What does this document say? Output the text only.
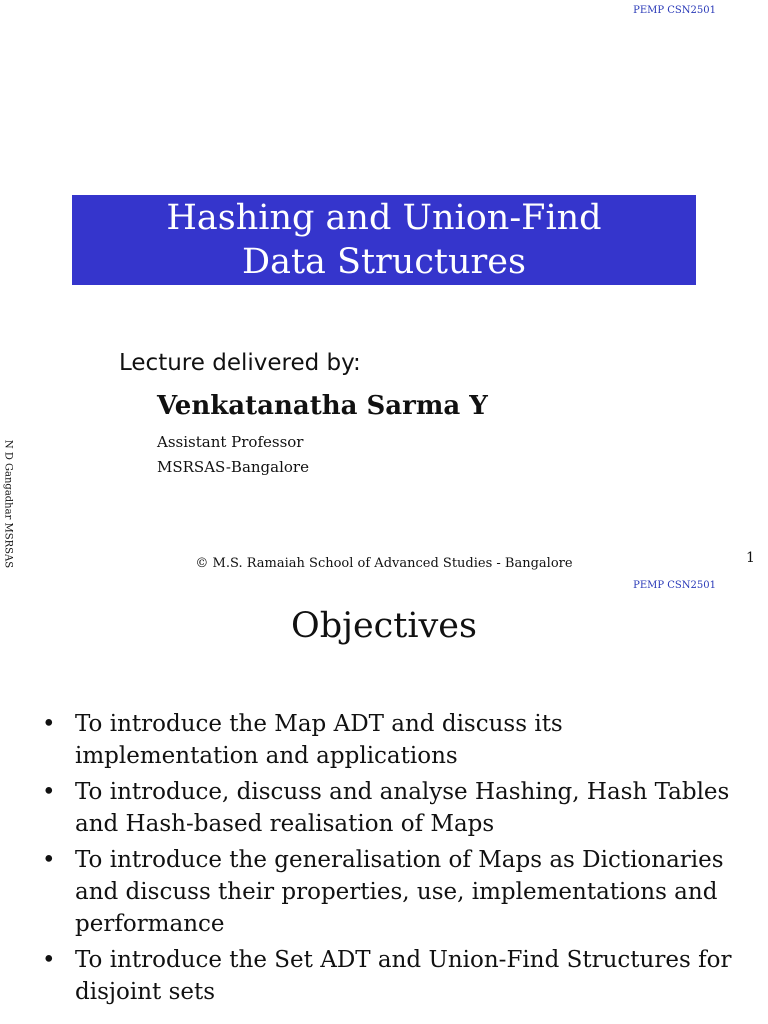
PEMP CSN2501
Hashing and Union-Find
Data Structures
Lecture delivered by:
Venkatanatha Sarma Y
Assistant Professor
MSRSAS-Bangalore
N D Gangadhar MSRSAS	© M.S. Ramaiah School of Advanced Studies - Bangalore	1
PEMP CSN2501
Objectives
• To introduce the Map ADT and discuss its implementation and applications
• To introduce, discuss and analyse Hashing, Hash Tables and Hash-based realisation of Maps
• To introduce the generalisation of Maps as Dictionaries and discuss their properties, use, implementations and performance
• To introduce the Set ADT and Union-Find Structures for disjoint sets
